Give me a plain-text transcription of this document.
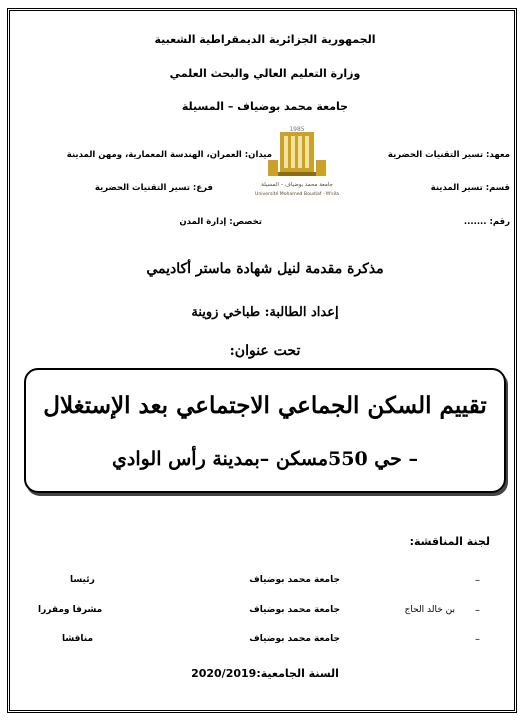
الجمهورية الجزائرية الديمقراطية الشعبية
وزارة التعليم العالي والبحث العلمي
جامعة محمد بوضياف – المسيلة
1985
جامعة محمد بوضياف – المسيلة
Université Mohamed Boudiaf - M'sila
معهد: تسير التقنيات الحضرية
ميدان: العمران، الهندسة المعمارية، ومهن المدينة
قسم: تسير المدينة
فرع: تسير التقنيات الحضرية
رقم: .......
تخصص: إدارة المدن
مذكرة مقدمة لنيل شهادة ماستر أكاديمي
إعداد الطالبة: طباخي زوينة
تحت عنوان:
تقييم السكن الجماعي الاجتماعي بعد الإستغلال
– حي 550مسكن –بمدينة رأس الوادي
لجنة المناقشة:
–
جامعة محمد بوضياف
رئيسا
–
بن خالد الحاج
جامعة محمد بوضياف
مشرفا ومقررا
–
جامعة محمد بوضياف
مناقشا
السنة الجامعية:2020/2019
